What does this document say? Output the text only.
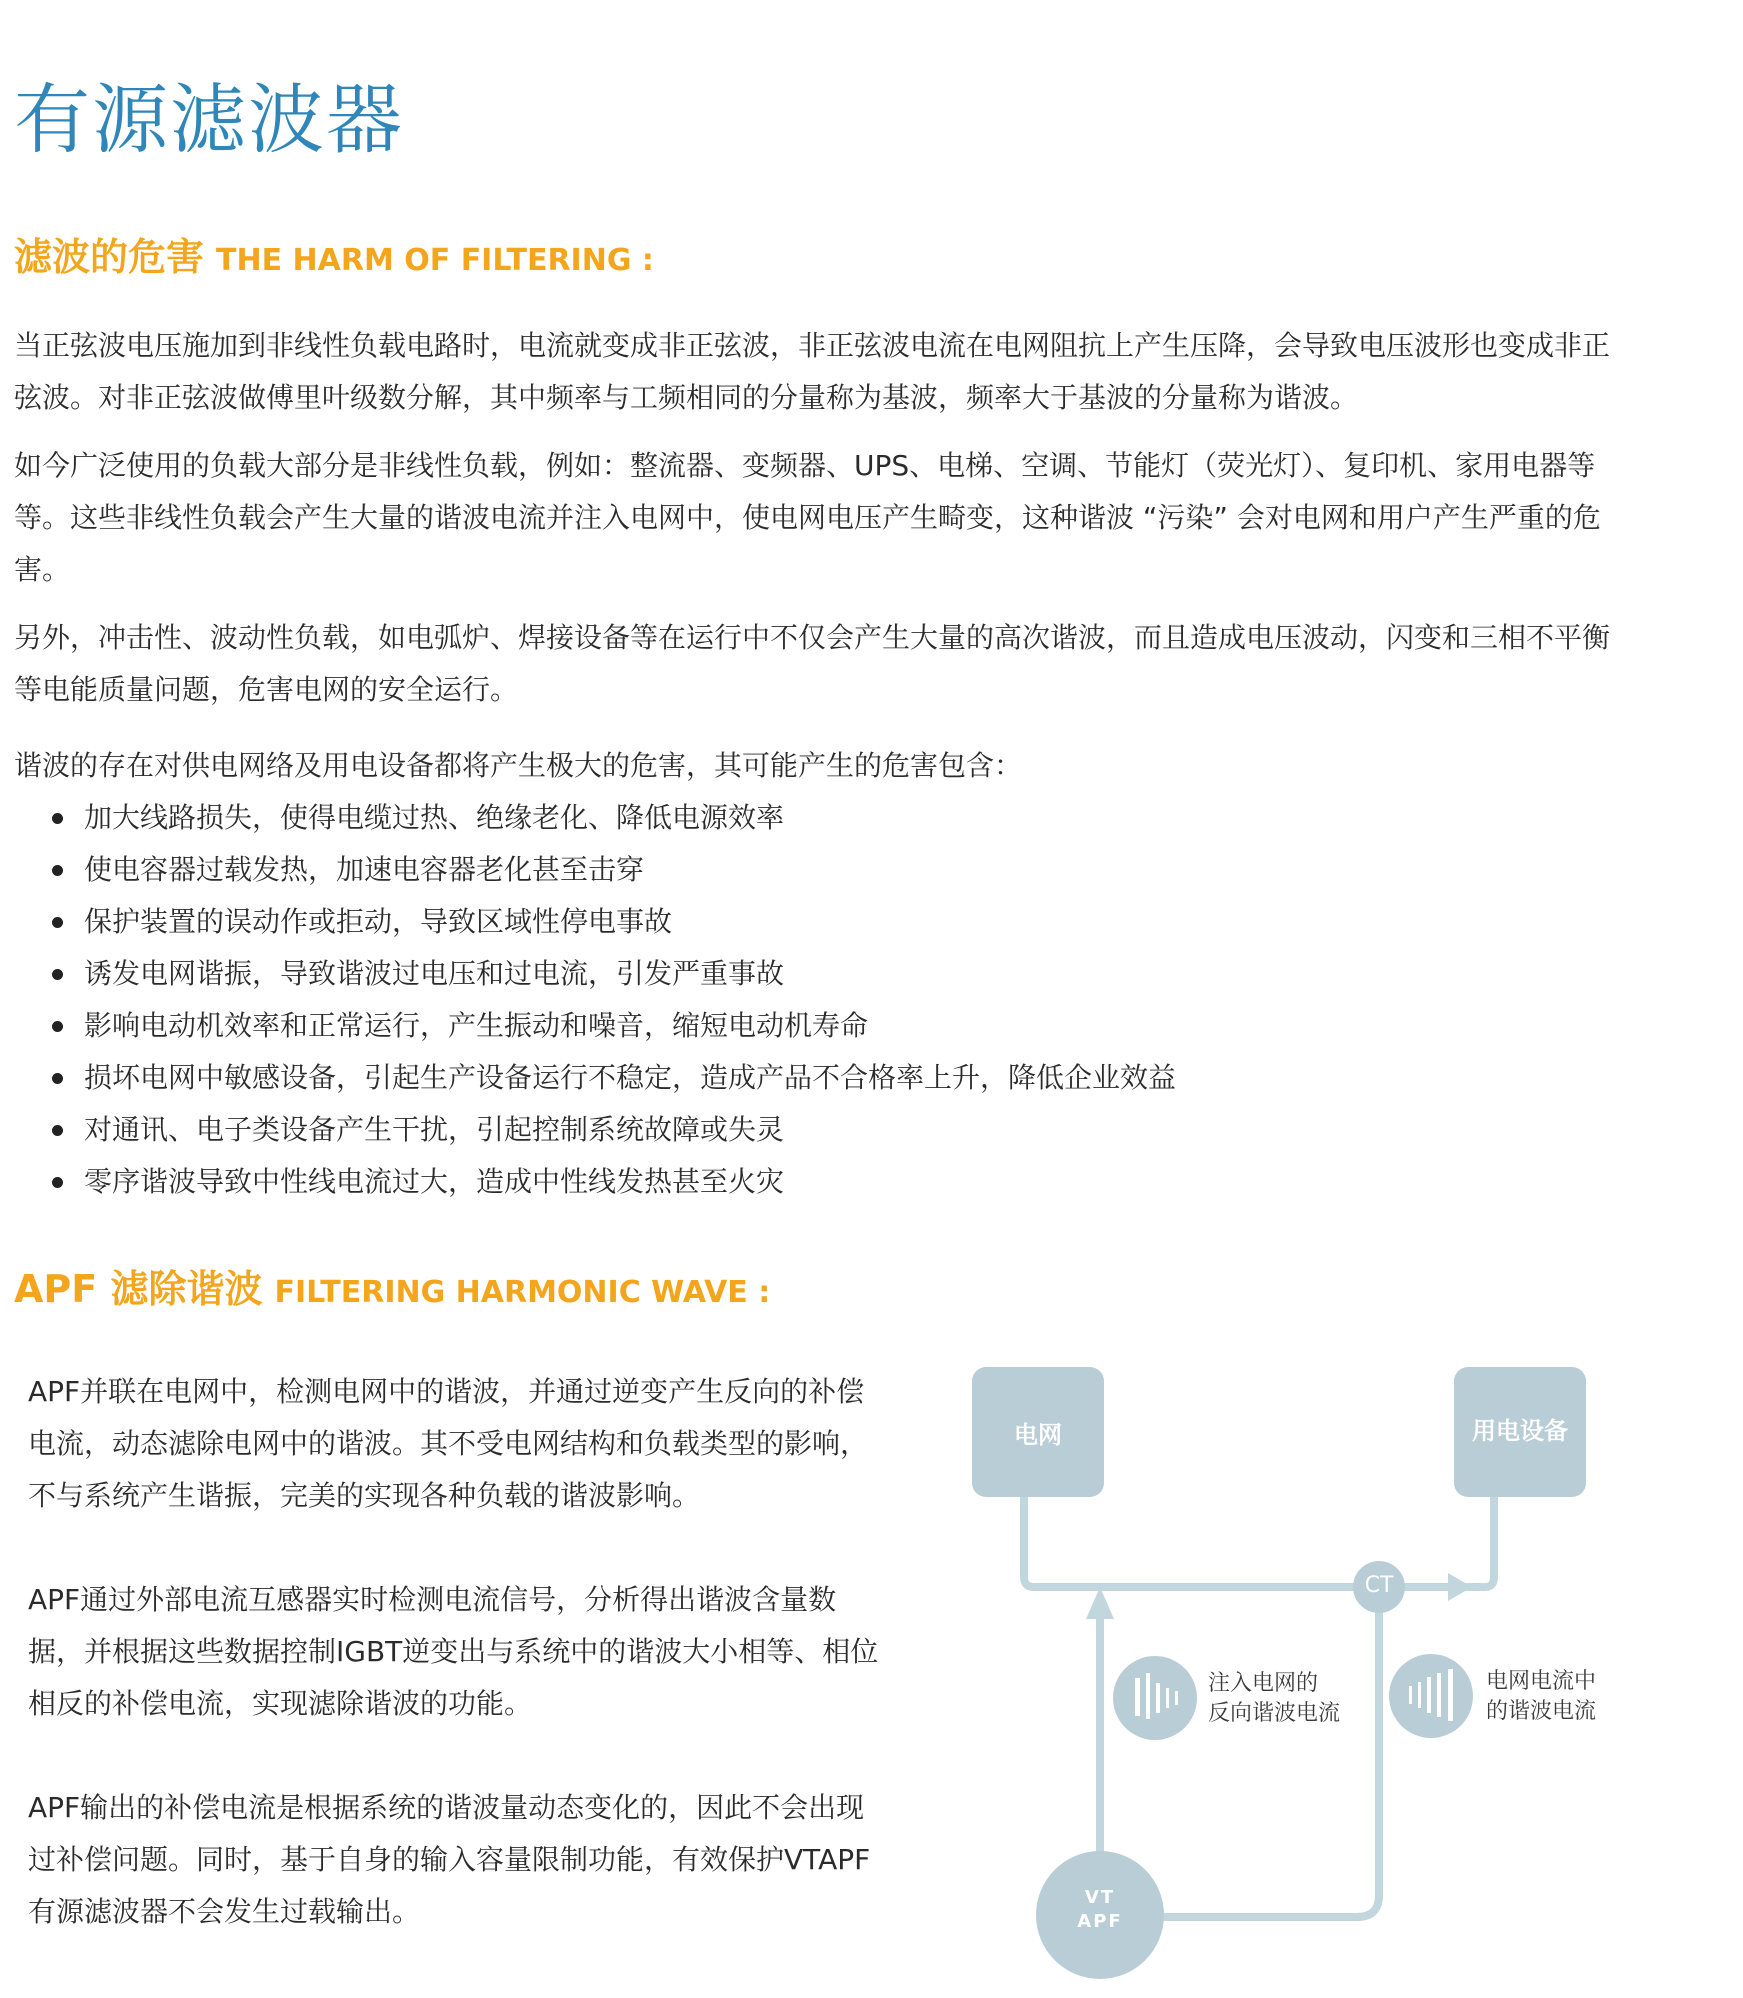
有源滤波器
滤波的危害 THE HARM OF FILTERING :

当正弦波电压施加到非线性负载电路时，电流就变成非正弦波，非正弦波电流在电网阻抗上产生压降，会导致电压波形也变成非正弦波。对非正弦波做傅里叶级数分解，其中频率与工频相同的分量称为基波，频率大于基波的分量称为谐波。

如今广泛使用的负载大部分是非线性负载，例如：整流器、变频器、UPS、电梯、空调、节能灯（荧光灯）、复印机、家用电器等等。这些非线性负载会产生大量的谐波电流并注入电网中，使电网电压产生畸变，这种谐波 “污染” 会对电网和用户产生严重的危害。

另外，冲击性、波动性负载，如电弧炉、焊接设备等在运行中不仅会产生大量的高次谐波，而且造成电压波动，闪变和三相不平衡等电能质量问题，危害电网的安全运行。

谐波的存在对供电网络及用电设备都将产生极大的危害，其可能产生的危害包含：

加大线路损失，使得电缆过热、绝缘老化、降低电源效率
使电容器过载发热，加速电容器老化甚至击穿
保护装置的误动作或拒动，导致区域性停电事故
诱发电网谐振，导致谐波过电压和过电流，引发严重事故
影响电动机效率和正常运行，产生振动和噪音，缩短电动机寿命
损坏电网中敏感设备，引起生产设备运行不稳定，造成产品不合格率上升，降低企业效益
对通讯、电子类设备产生干扰，引起控制系统故障或失灵
零序谐波导致中性线电流过大，造成中性线发热甚至火灾
APF 滤除谐波 FILTERING HARMONIC WAVE :

APF并联在电网中，检测电网中的谐波，并通过逆变产生反向的补偿电流，动态滤除电网中的谐波。其不受电网结构和负载类型的影响，不与系统产生谐振，完美的实现各种负载的谐波影响。

APF通过外部电流互感器实时检测电流信号，分析得出谐波含量数据，并根据这些数据控制IGBT逆变出与系统中的谐波大小相等、相位相反的补偿电流，实现滤除谐波的功能。

APF输出的补偿电流是根据系统的谐波量动态变化的，因此不会出现过补偿问题。同时，基于自身的输入容量限制功能，有效保护VTAPF有源滤波器不会发生过载输出。

电网	用电设备
CT
VT
APF
注入电网的
反向谐波电流
电网电流中
的谐波电流
